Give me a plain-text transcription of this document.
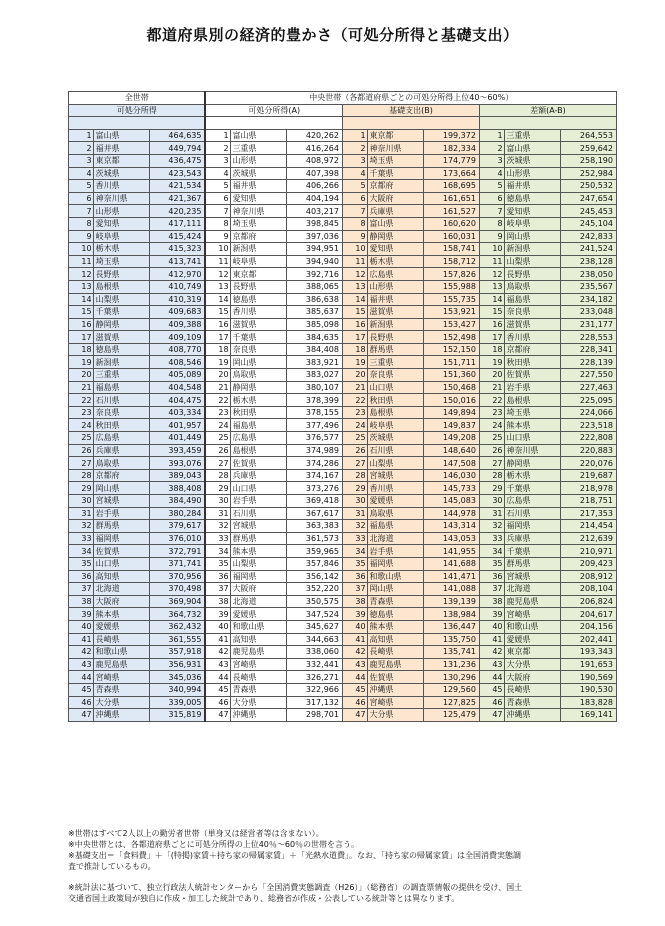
都道府県別の経済的豊かさ（可処分所得と基礎支出）
全世帯			中央世帯（各都道府県ごとの可処分所得上位40～60%）								
可処分所得			可処分所得(A)			基礎支出(B)			差額(A-B)		

1	富山県	464,635	1	富山県	420,262	1	東京都	199,372	1	三重県	264,553
2	福井県	449,794	2	三重県	416,264	2	神奈川県	182,334	2	富山県	259,642
3	東京都	436,475	3	山形県	408,972	3	埼玉県	174,779	3	茨城県	258,190
4	茨城県	423,543	4	茨城県	407,398	4	千葉県	173,664	4	山形県	252,984
5	香川県	421,534	5	福井県	406,266	5	京都府	168,695	5	福井県	250,532
6	神奈川県	421,367	6	愛知県	404,194	6	大阪府	161,651	6	徳島県	247,654
7	山形県	420,235	7	神奈川県	403,217	7	兵庫県	161,527	7	愛知県	245,453
8	愛知県	417,111	8	埼玉県	398,845	8	富山県	160,620	8	岐阜県	245,104
9	岐阜県	415,424	9	京都府	397,036	9	静岡県	160,031	9	岡山県	242,833
10	栃木県	415,323	10	新潟県	394,951	10	愛知県	158,741	10	新潟県	241,524
11	埼玉県	413,741	11	岐阜県	394,940	11	栃木県	158,712	11	山梨県	238,128
12	長野県	412,970	12	東京都	392,716	12	広島県	157,826	12	長野県	238,050
13	島根県	410,749	13	長野県	388,065	13	山形県	155,988	13	鳥取県	235,567
14	山梨県	410,319	14	徳島県	386,638	14	福井県	155,735	14	福島県	234,182
15	千葉県	409,683	15	香川県	385,637	15	滋賀県	153,921	15	奈良県	233,048
16	静岡県	409,388	16	滋賀県	385,098	16	新潟県	153,427	16	滋賀県	231,177
17	滋賀県	409,109	17	千葉県	384,635	17	長野県	152,498	17	香川県	228,553
18	徳島県	408,770	18	奈良県	384,408	18	群馬県	152,150	18	京都府	228,341
19	新潟県	408,546	19	岡山県	383,921	19	三重県	151,711	19	秋田県	228,139
20	三重県	405,089	20	鳥取県	383,027	20	奈良県	151,360	20	佐賀県	227,550
21	福島県	404,548	21	静岡県	380,107	21	山口県	150,468	21	岩手県	227,463
22	石川県	404,475	22	栃木県	378,399	22	秋田県	150,016	22	島根県	225,095
23	奈良県	403,334	23	秋田県	378,155	23	島根県	149,894	23	埼玉県	224,066
24	秋田県	401,957	24	福島県	377,496	24	岐阜県	149,837	24	熊本県	223,518
25	広島県	401,449	25	広島県	376,577	25	茨城県	149,208	25	山口県	222,808
26	兵庫県	393,459	26	島根県	374,989	26	石川県	148,640	26	神奈川県	220,883
27	鳥取県	393,076	27	佐賀県	374,286	27	山梨県	147,508	27	静岡県	220,076
28	京都府	389,043	28	兵庫県	374,167	28	宮城県	146,030	28	栃木県	219,687
29	岡山県	388,408	29	山口県	373,276	29	香川県	145,733	29	千葉県	218,978
30	宮城県	384,490	30	岩手県	369,418	30	愛媛県	145,083	30	広島県	218,751
31	岩手県	380,284	31	石川県	367,617	31	鳥取県	144,978	31	石川県	217,353
32	群馬県	379,617	32	宮城県	363,383	32	福島県	143,314	32	福岡県	214,454
33	福岡県	376,010	33	群馬県	361,573	33	北海道	143,053	33	兵庫県	212,639
34	佐賀県	372,791	34	熊本県	359,965	34	岩手県	141,955	34	千葉県	210,971
35	山口県	371,741	35	山梨県	357,846	35	福岡県	141,688	35	群馬県	209,423
36	高知県	370,956	36	福岡県	356,142	36	和歌山県	141,471	36	宮城県	208,912
37	北海道	370,498	37	大阪府	352,220	37	岡山県	141,088	37	北海道	208,104
38	大阪府	369,904	38	北海道	350,575	38	青森県	139,139	38	鹿児島県	206,824
39	熊本県	364,732	39	愛媛県	347,524	39	徳島県	138,984	39	宮崎県	204,617
40	愛媛県	362,432	40	和歌山県	345,627	40	熊本県	136,447	40	和歌山県	204,156
41	長崎県	361,555	41	高知県	344,663	41	高知県	135,750	41	愛媛県	202,441
42	和歌山県	357,918	42	鹿児島県	338,060	42	長崎県	135,741	42	東京都	193,343
43	鹿児島県	356,931	43	宮崎県	332,441	43	鹿児島県	131,236	43	大分県	191,653
44	宮崎県	345,036	44	長崎県	326,271	44	佐賀県	130,296	44	大阪府	190,569
45	青森県	340,994	45	青森県	322,966	45	沖縄県	129,560	45	長崎県	190,530
46	大分県	339,005	46	大分県	317,132	46	宮崎県	127,825	46	青森県	183,828
47	沖縄県	315,819	47	沖縄県	298,701	47	大分県	125,479	47	沖縄県	169,141

※世帯はすべて2人以上の勤労者世帯（単身又は経営者等は含まない）。

※中央世帯とは、各都道府県ごとに可処分所得の上位40％～60％の世帯を言う。

※基礎支出＝「食料費」＋「(特掲)家賃＋持ち家の帰属家賃」＋「光熱水道費」。なお、「持ち家の帰属家賃」は全国消費実態調

査で推計しているもの。

※統計法に基づいて、独立行政法人統計センターから「全国消費実態調査（H26）」（総務省）の調査票情報の提供を受け、国土

交通省国土政策局が独自に作成・加工した統計であり、総務省が作成・公表している統計等とは異なります。
